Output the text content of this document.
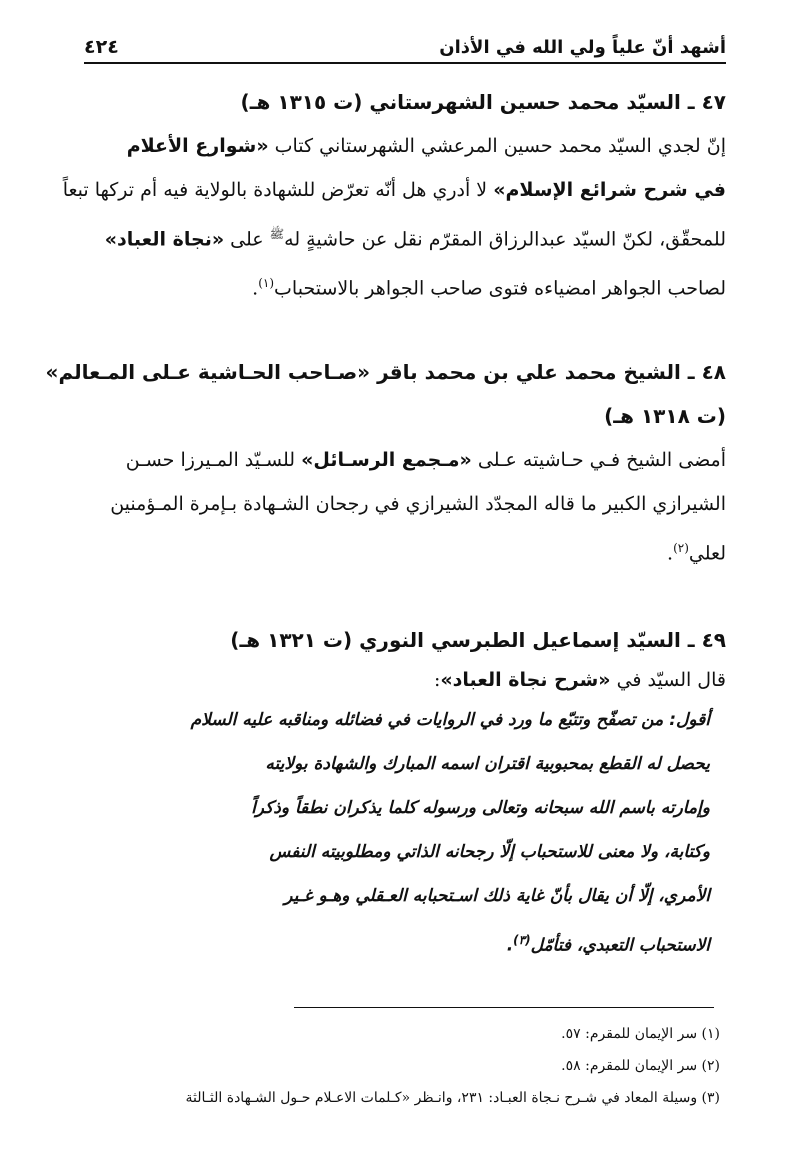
أشهد أنّ علياً ولي الله في الأذان
٤٢٤
٤٧ ـ السيّد محمد حسين الشهرستاني (ت ١٣١٥ هـ)
إنّ لجدي السيّد محمد حسين المرعشي الشهرستاني كتاب «شوارع الأعلام
في شرح شرائع الإسلام» لا أدري هل أنّه تعرّض للشهادة بالولاية فيه أم تركها تبعاً
للمحقّق، لكنّ السيّد عبدالرزاق المقرّم نقل عن حاشيةٍ له$^ﷺ$ على «نجاة العباد»
لصاحب الجواهر امضياءه فتوى صاحب الجواهر بالاستحباب$^{(١)}$.
٤٨ ـ الشيخ محمد علي بن محمد باقر «صـاحب الحـاشية عـلى المـعالم»
(ت ١٣١٨ هـ)
أمضى الشيخ فـي حـاشيته عـلى «مـجمع الرسـائل» للسـيّد المـيرزا حسـن
الشيرازي الكبير ما قاله المجدّد الشيرازي في رجحان الشـهادة بـإمرة المـؤمنين
لعلي$^{(٢)}$.
٤٩ ـ السيّد إسماعيل الطبرسي النوري (ت ١٣٢١ هـ)
قال السيّد في «شرح نجاة العباد»:
أقول: من تصفّح وتتبّع ما ورد في الروايات في فضائله ومناقبه عليه السلام
يحصل له القطع بمحبوبية اقتران اسمه المبارك والشهادة بولايته
وإمارته باسم الله سبحانه وتعالى ورسوله كلما يذكران نطقاً وذكراً
وكتابة، ولا معنى للاستحباب إلّا رجحانه الذاتي ومطلوبيته النفس
الأمري، إلّا أن يقال بأنّ غاية ذلك اسـتحبابه العـقلي وهـو غـير
الاستحباب التعبدي، فتأمّل$^{(٣)}$.
(١) سر الإيمان للمقرم: ٥٧.
(٢) سر الإيمان للمقرم: ٥٨.
(٣) وسيلة المعاد في شـرح نـجاة العبـاد: ٢٣١، وانـظر «كـلمات الاعـلام حـول الشـهادة الثـالثة
